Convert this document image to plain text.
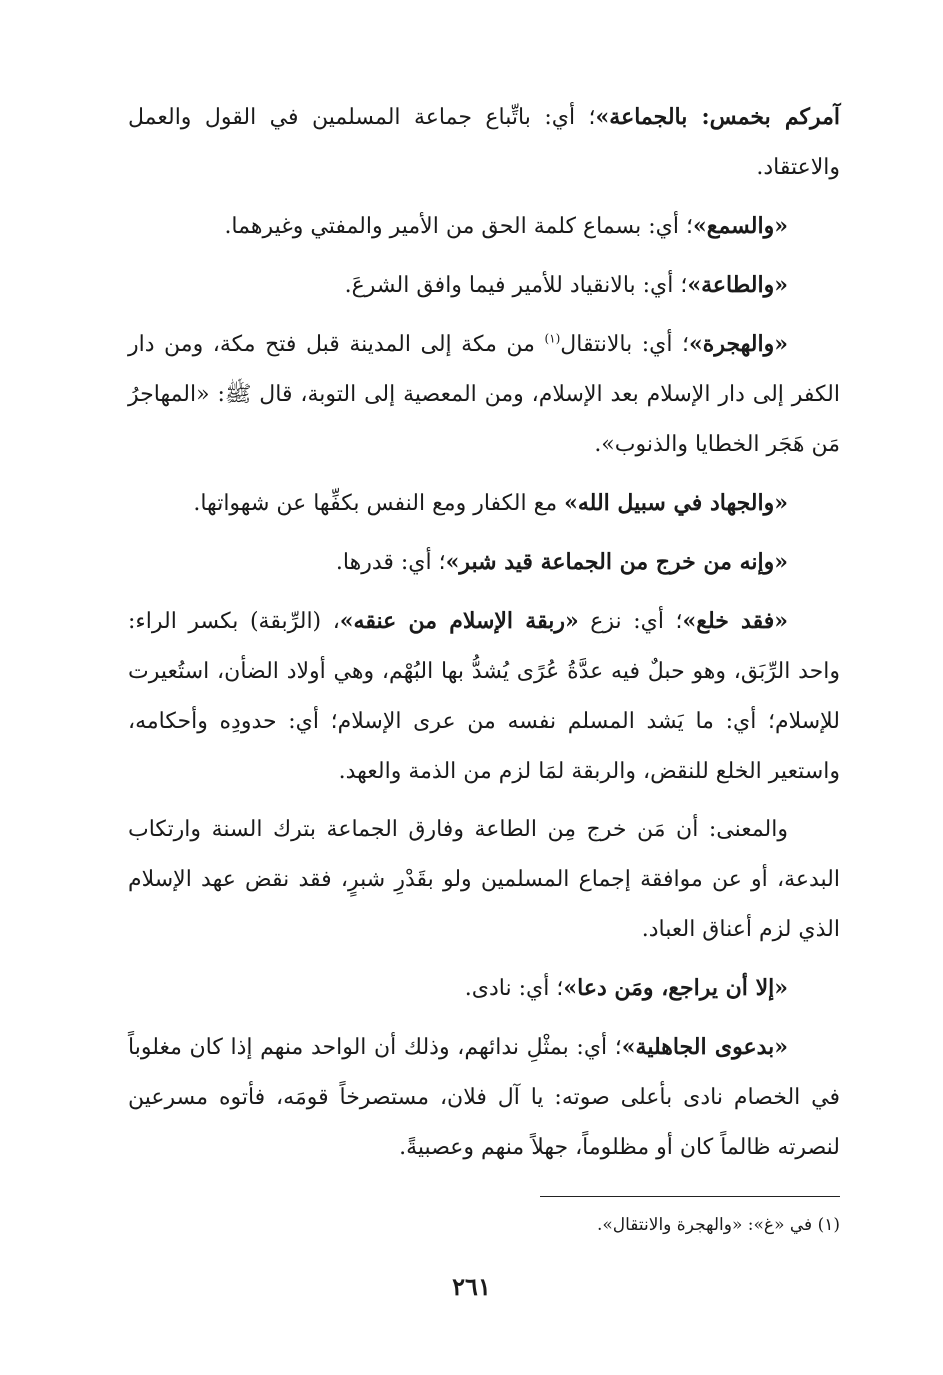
آمركم بخمس: بالجماعة»؛ أي: باتِّباع جماعة المسلمين في القول والعمل والاعتقاد.

«والسمع»؛ أي: بسماع كلمة الحق من الأمير والمفتي وغيرهما.

«والطاعة»؛ أي: بالانقياد للأمير فيما وافق الشرعَ.

«والهجرة»؛ أي: بالانتقال$^{(١)}$ من مكة إلى المدينة قبل فتح مكة، ومن دار الكفر إلى دار الإسلام بعد الإسلام، ومن المعصية إلى التوبة، قال ﷺ: «المهاجرُ مَن هَجَر الخطايا والذنوب».

«والجهاد في سبيل الله» مع الكفار ومع النفس بكفِّها عن شهواتها.

«وإنه من خرج من الجماعة قيد شبر»؛ أي: قدرها.

«فقد خلع»؛ أي: نزع «ربقة الإسلام من عنقه»، (الرِّبقة) بكسر الراء: واحد الرِّبَق، وهو حبلٌ فيه عدَّةُ عُرًى يُشدُّ بها البُهْم، وهي أولاد الضأن، استُعيرت للإسلام؛ أي: ما يَشد المسلم نفسه من عرى الإسلام؛ أي: حدودِه وأحكامه، واستعير الخلع للنقض، والربقة لمَا لزم من الذمة والعهد.

والمعنى: أن مَن خرج مِن الطاعة وفارق الجماعة بترك السنة وارتكاب البدعة، أو عن موافقة إجماع المسلمين ولو بقَدْرِ شبرٍ، فقد نقض عهد الإسلام الذي لزم أعناق العباد.

«إلا أن يراجع، ومَن دعا»؛ أي: نادى.

«بدعوى الجاهلية»؛ أي: بمثْلِ ندائهم، وذلك أن الواحد منهم إذا كان مغلوباً في الخصام نادى بأعلى صوته: يا آل فلان، مستصرخاً قومَه، فأتوه مسرعين لنصرته ظالماً كان أو مظلوماً، جهلاً منهم وعصبيةً.

(١) في «غ»: «والهجرة والانتقال».
٢٦١
